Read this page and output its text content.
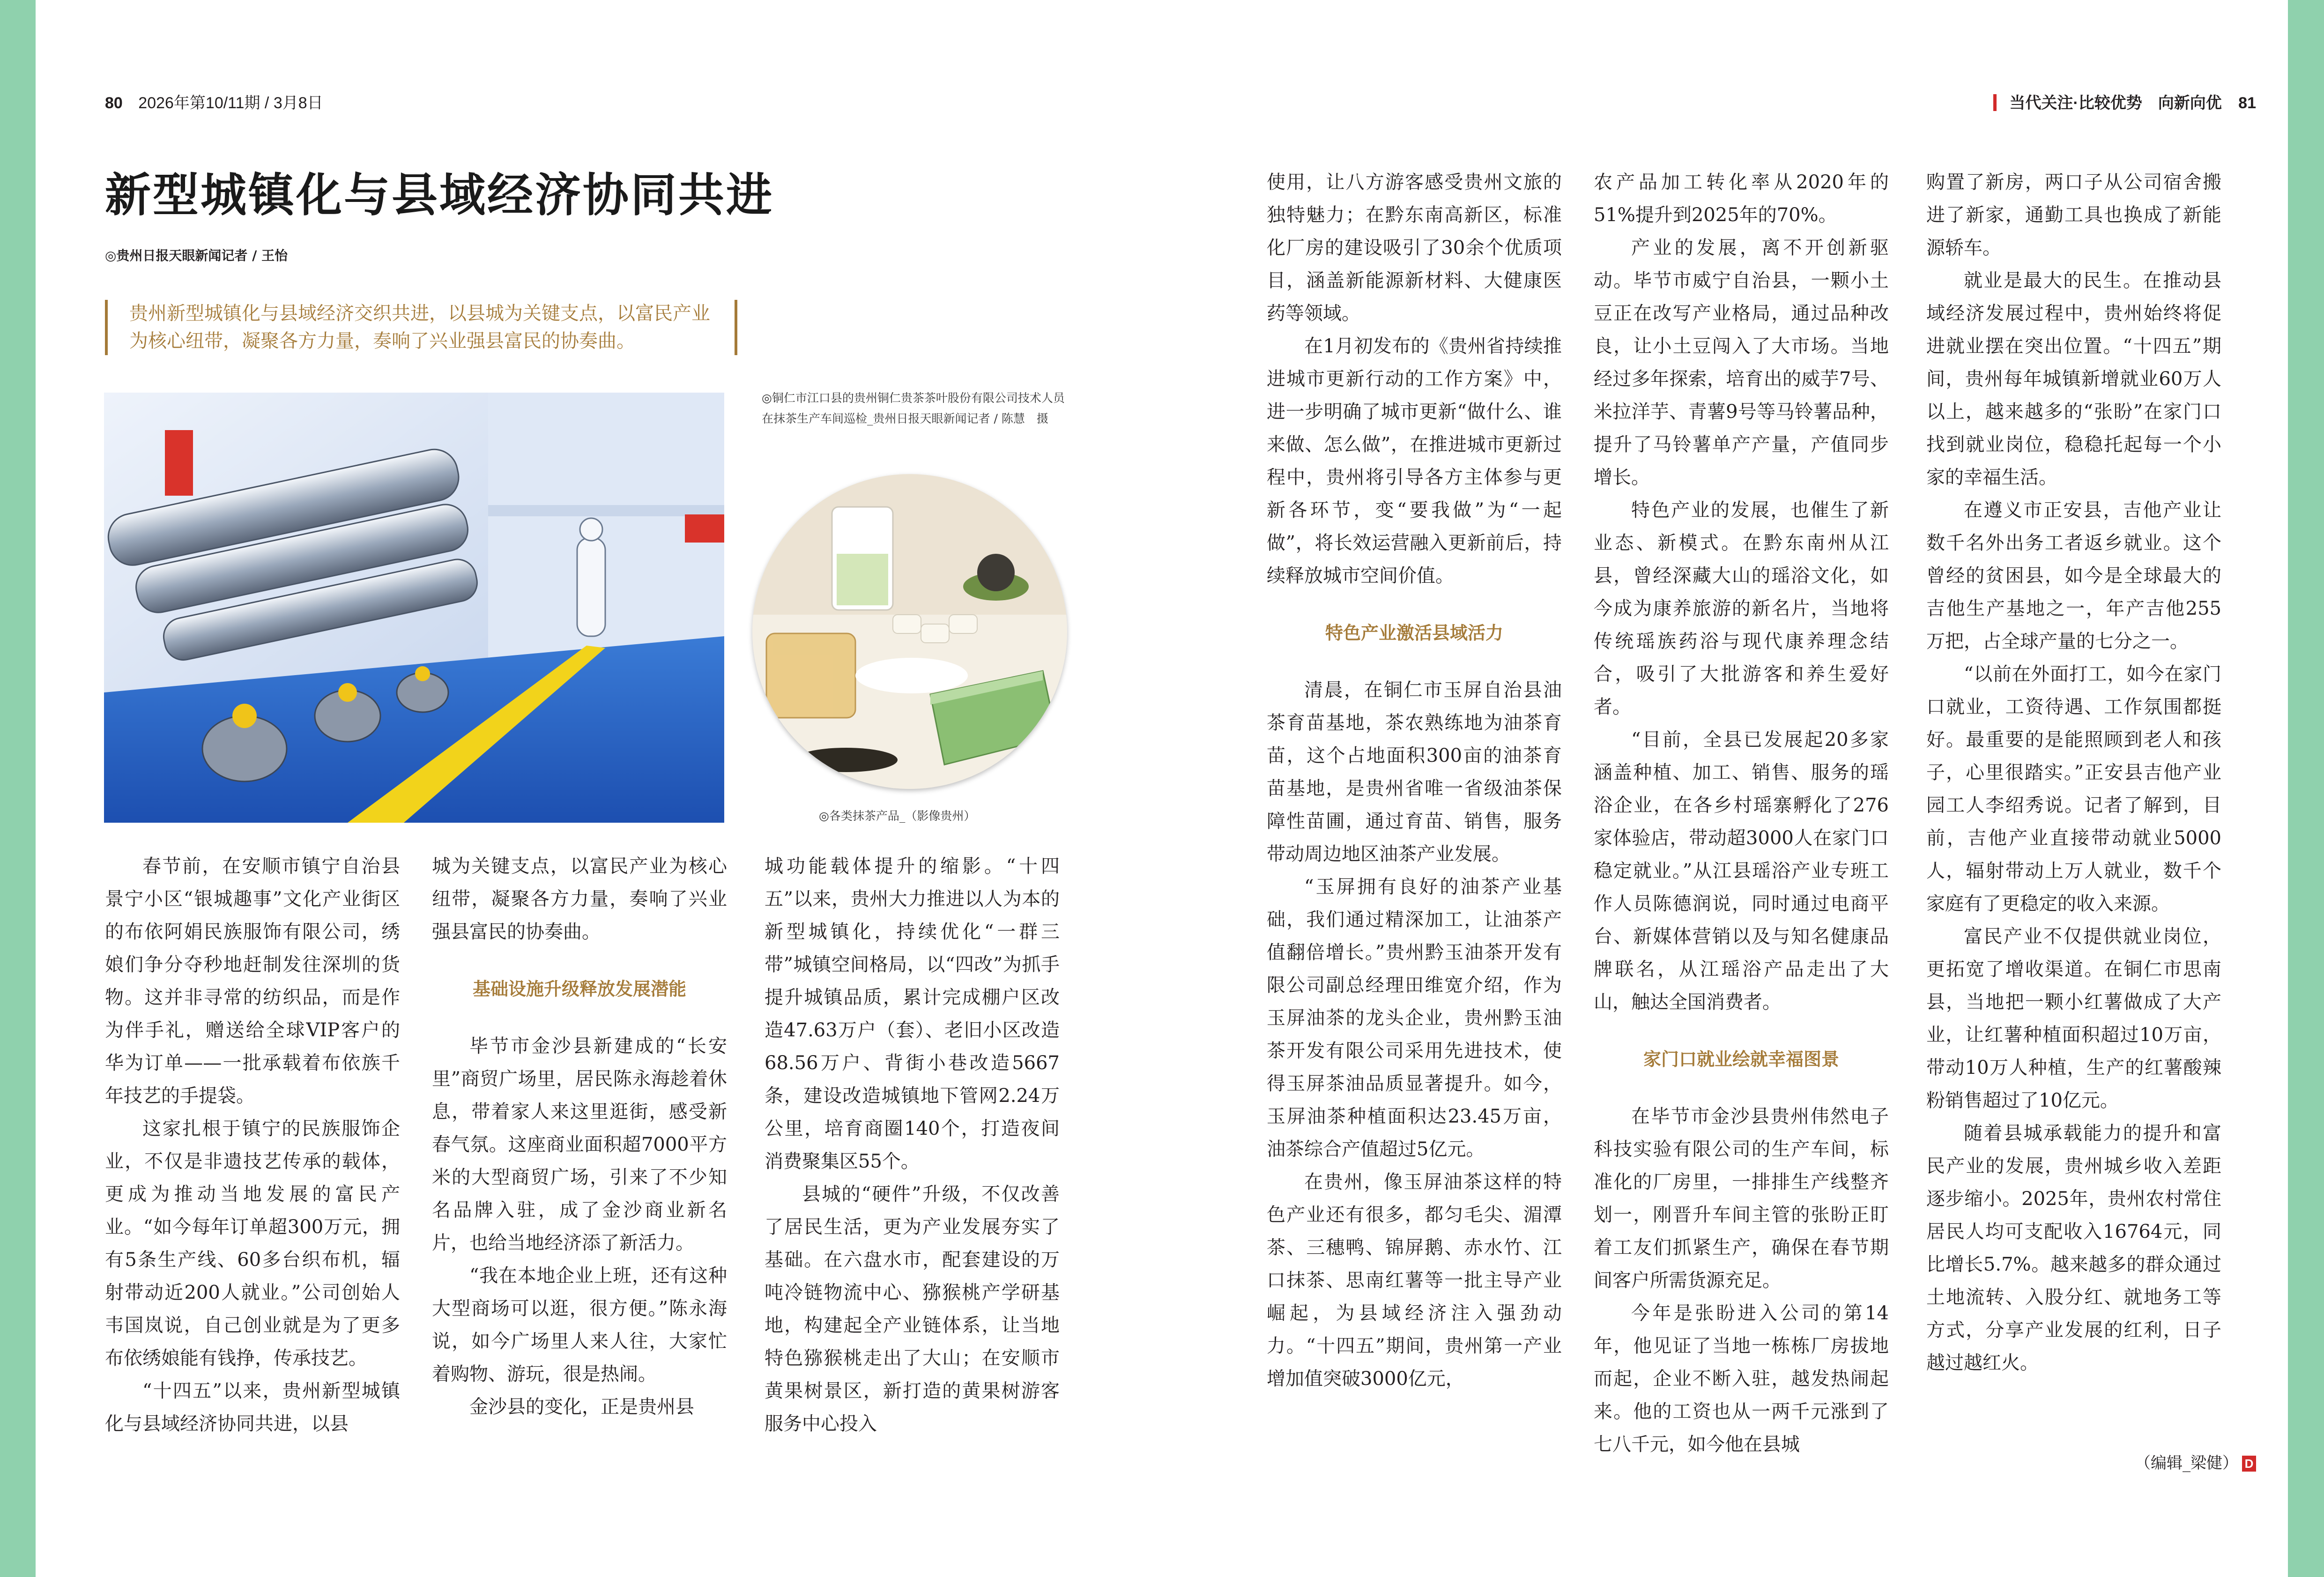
80 2026年第10/11期 / 3月8日
新型城镇化与县域经济协同共进
◎贵州日报天眼新闻记者 / 王怡
贵州新型城镇化与县域经济交织共进，以县城为关键支点，以富民产业为核心纽带，凝聚各方力量，奏响了兴业强县富民的协奏曲。
◎铜仁市江口县的贵州铜仁贵茶茶叶股份有限公司技术人员在抹茶生产车间巡检_贵州日报天眼新闻记者 / 陈慧　摄
◎各类抹茶产品_（影像贵州）

春节前，在安顺市镇宁自治县景宁小区“银城趣事”文化产业街区的布依阿娟民族服饰有限公司，绣娘们争分夺秒地赶制发往深圳的货物。这并非寻常的纺织品，而是作为伴手礼，赠送给全球VIP客户的华为订单——一批承载着布依族千年技艺的手提袋。

这家扎根于镇宁的民族服饰企业，不仅是非遗技艺传承的载体，更成为推动当地发展的富民产业。“如今每年订单超300万元，拥有5条生产线、60多台织布机，辐射带动近200人就业。”公司创始人韦国岚说，自己创业就是为了更多布依绣娘能有钱挣，传承技艺。

“十四五”以来，贵州新型城镇化与县域经济协同共进，以县

城为关键支点，以富民产业为核心纽带，凝聚各方力量，奏响了兴业强县富民的协奏曲。

基础设施升级释放发展潜能

毕节市金沙县新建成的“长安里”商贸广场里，居民陈永海趁着休息，带着家人来这里逛街，感受新春气氛。这座商业面积超7000平方米的大型商贸广场，引来了不少知名品牌入驻，成了金沙商业新名片，也给当地经济添了新活力。

“我在本地企业上班，还有这种大型商场可以逛，很方便。”陈永海说，如今广场里人来人往，大家忙着购物、游玩，很是热闹。

金沙县的变化，正是贵州县

城功能载体提升的缩影。“十四五”以来，贵州大力推进以人为本的新型城镇化，持续优化“一群三带”城镇空间格局，以“四改”为抓手提升城镇品质，累计完成棚户区改造47.63万户（套）、老旧小区改造68.56万户、背街小巷改造5667条，建设改造城镇地下管网2.24万公里，培育商圈140个，打造夜间消费聚集区55个。

县城的“硬件”升级，不仅改善了居民生活，更为产业发展夯实了基础。在六盘水市，配套建设的万吨冷链物流中心、猕猴桃产学研基地，构建起全产业链体系，让当地特色猕猴桃走出了大山；在安顺市黄果树景区，新打造的黄果树游客服务中心投入

当代关注·比较优势　向新向优 81

使用，让八方游客感受贵州文旅的独特魅力；在黔东南高新区，标准化厂房的建设吸引了30余个优质项目，涵盖新能源新材料、大健康医药等领域。

在1月初发布的《贵州省持续推进城市更新行动的工作方案》中，进一步明确了城市更新“做什么、谁来做、怎么做”，在推进城市更新过程中，贵州将引导各方主体参与更新各环节，变“要我做”为“一起做”，将长效运营融入更新前后，持续释放城市空间价值。

特色产业激活县域活力

清晨，在铜仁市玉屏自治县油茶育苗基地，茶农熟练地为油茶育苗，这个占地面积300亩的油茶育苗基地，是贵州省唯一省级油茶保障性苗圃，通过育苗、销售，服务带动周边地区油茶产业发展。

“玉屏拥有良好的油茶产业基础，我们通过精深加工，让油茶产值翻倍增长。”贵州黔玉油茶开发有限公司副总经理田维宽介绍，作为玉屏油茶的龙头企业，贵州黔玉油茶开发有限公司采用先进技术，使得玉屏茶油品质显著提升。如今，玉屏油茶种植面积达23.45万亩，油茶综合产值超过5亿元。

在贵州，像玉屏油茶这样的特色产业还有很多，都匀毛尖、湄潭茶、三穗鸭、锦屏鹅、赤水竹、江口抹茶、思南红薯等一批主导产业崛起，为县域经济注入强劲动力。“十四五”期间，贵州第一产业增加值突破3000亿元，

农产品加工转化率从2020年的51%提升到2025年的70%。

产业的发展，离不开创新驱动。毕节市威宁自治县，一颗小土豆正在改写产业格局，通过品种改良，让小土豆闯入了大市场。当地经过多年探索，培育出的威芋7号、米拉洋芋、青薯9号等马铃薯品种，提升了马铃薯单产产量，产值同步增长。

特色产业的发展，也催生了新业态、新模式。在黔东南州从江县，曾经深藏大山的瑶浴文化，如今成为康养旅游的新名片，当地将传统瑶族药浴与现代康养理念结合，吸引了大批游客和养生爱好者。

“目前，全县已发展起20多家涵盖种植、加工、销售、服务的瑶浴企业，在各乡村瑶寨孵化了276家体验店，带动超3000人在家门口稳定就业。”从江县瑶浴产业专班工作人员陈德润说，同时通过电商平台、新媒体营销以及与知名健康品牌联名，从江瑶浴产品走出了大山，触达全国消费者。

家门口就业绘就幸福图景

在毕节市金沙县贵州伟然电子科技实验有限公司的生产车间，标准化的厂房里，一排排生产线整齐划一，刚晋升车间主管的张盼正盯着工友们抓紧生产，确保在春节期间客户所需货源充足。

今年是张盼进入公司的第14年，他见证了当地一栋栋厂房拔地而起，企业不断入驻，越发热闹起来。他的工资也从一两千元涨到了七八千元，如今他在县城

购置了新房，两口子从公司宿舍搬进了新家，通勤工具也换成了新能源轿车。

就业是最大的民生。在推动县域经济发展过程中，贵州始终将促进就业摆在突出位置。“十四五”期间，贵州每年城镇新增就业60万人以上，越来越多的“张盼”在家门口找到就业岗位，稳稳托起每一个小家的幸福生活。

在遵义市正安县，吉他产业让数千名外出务工者返乡就业。这个曾经的贫困县，如今是全球最大的吉他生产基地之一，年产吉他255万把，占全球产量的七分之一。

“以前在外面打工，如今在家门口就业，工资待遇、工作氛围都挺好。最重要的是能照顾到老人和孩子，心里很踏实。”正安县吉他产业园工人李绍秀说。记者了解到，目前，吉他产业直接带动就业5000人，辐射带动上万人就业，数千个家庭有了更稳定的收入来源。

富民产业不仅提供就业岗位，更拓宽了增收渠道。在铜仁市思南县，当地把一颗小红薯做成了大产业，让红薯种植面积超过10万亩，带动10万人种植，生产的红薯酸辣粉销售超过了10亿元。

随着县城承载能力的提升和富民产业的发展，贵州城乡收入差距逐步缩小。2025年，贵州农村常住居民人均可支配收入16764元，同比增长5.7%。越来越多的群众通过土地流转、入股分红、就地务工等方式，分享产业发展的红利，日子越过越红火。

（编辑_梁健） D
